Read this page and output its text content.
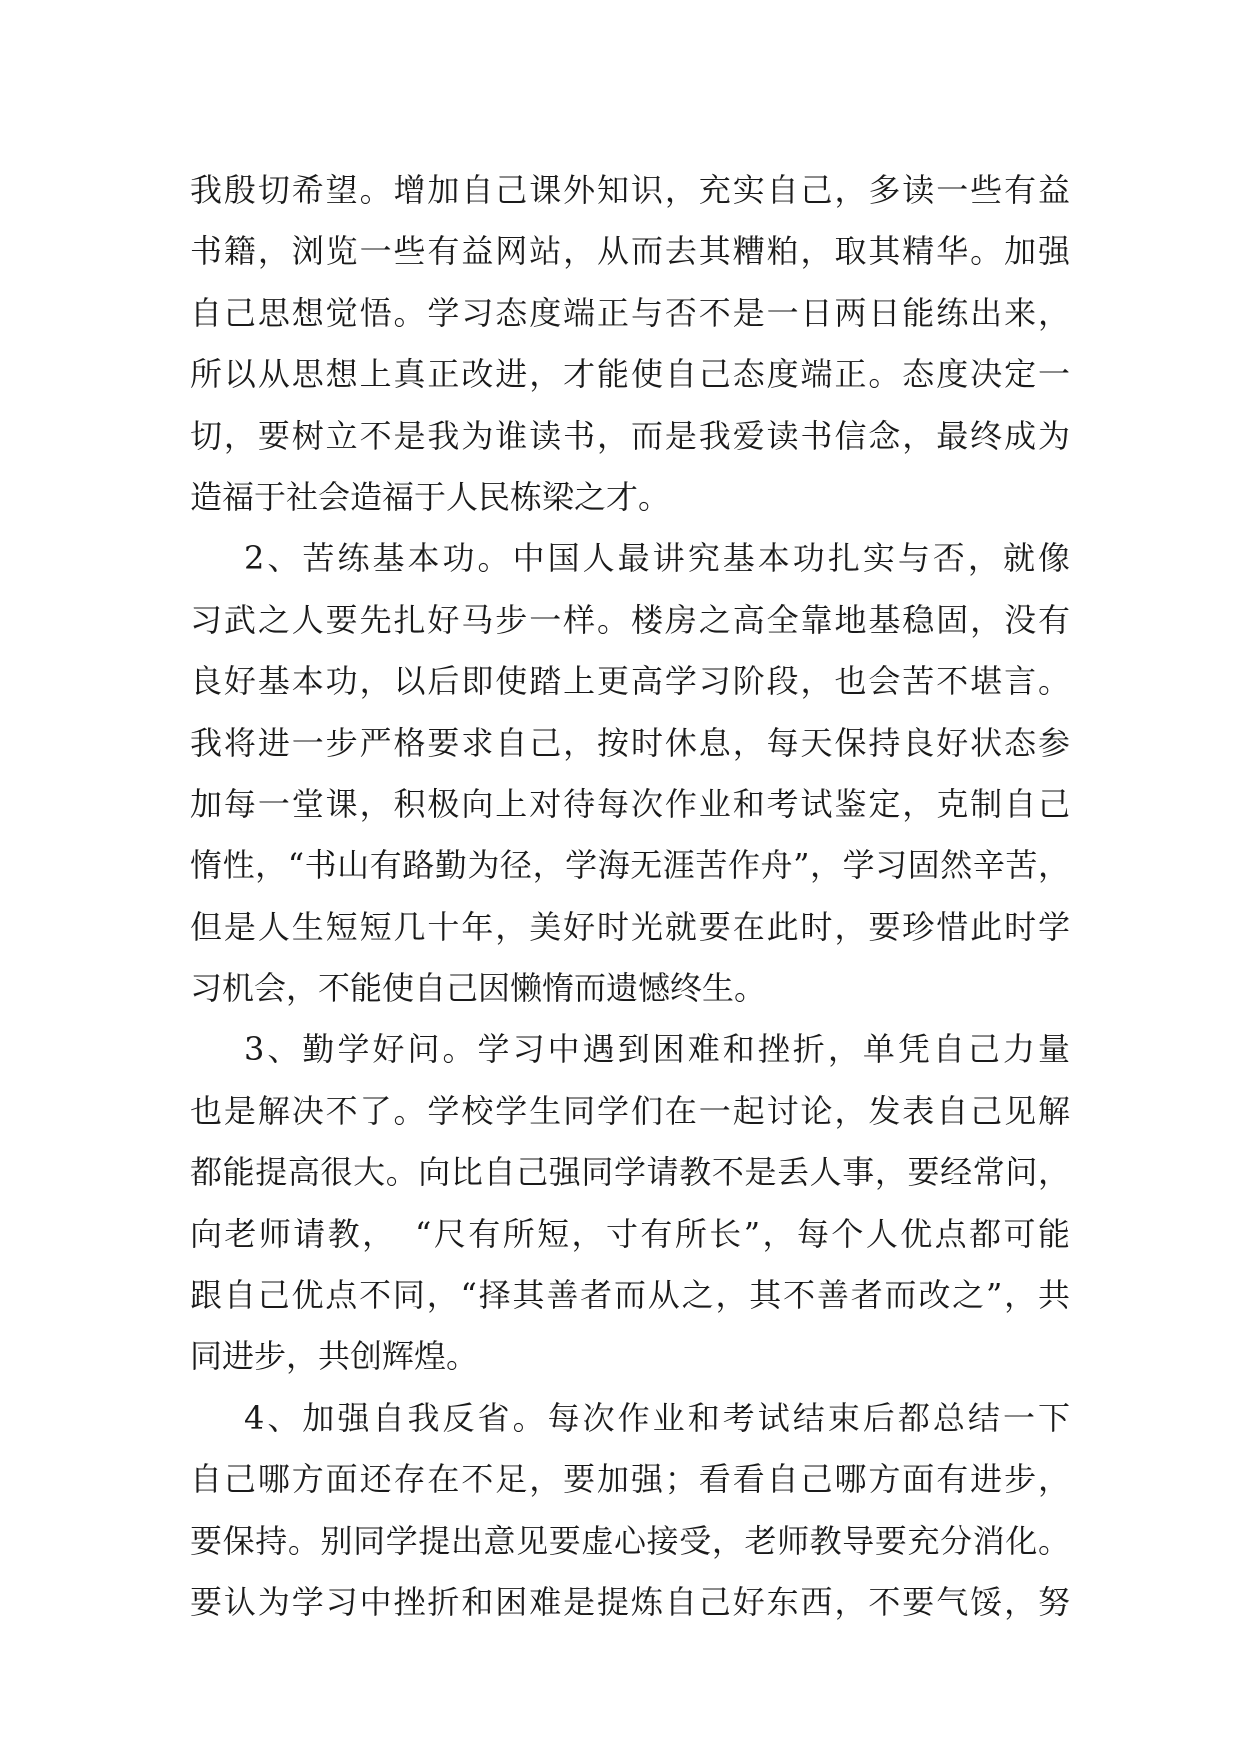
我殷切希望。增加自己课外知识，充实自己，多读一些有益
书籍，浏览一些有益网站，从而去其糟粕，取其精华。加强
自己思想觉悟。学习态度端正与否不是一日两日能练出来，
所以从思想上真正改进，才能使自己态度端正。态度决定一
切，要树立不是我为谁读书，而是我爱读书信念，最终成为
造福于社会造福于人民栋梁之才。
2、苦练基本功。中国人最讲究基本功扎实与否，就像
习武之人要先扎好马步一样。楼房之高全靠地基稳固，没有
良好基本功，以后即使踏上更高学习阶段，也会苦不堪言。
我将进一步严格要求自己，按时休息，每天保持良好状态参
加每一堂课，积极向上对待每次作业和考试鉴定，克制自己
惰性，“书山有路勤为径，学海无涯苦作舟”，学习固然辛苦，
但是人生短短几十年，美好时光就要在此时，要珍惜此时学
习机会，不能使自己因懒惰而遗憾终生。
3、勤学好问。学习中遇到困难和挫折，单凭自己力量
也是解决不了。学校学生同学们在一起讨论，发表自己见解
都能提高很大。向比自己强同学请教不是丢人事，要经常问，
向老师请教，　“尺有所短，寸有所长”，每个人优点都可能
跟自己优点不同，“择其善者而从之，其不善者而改之”，共
同进步，共创辉煌。
4、加强自我反省。每次作业和考试结束后都总结一下
自己哪方面还存在不足，要加强；看看自己哪方面有进步，
要保持。别同学提出意见要虚心接受，老师教导要充分消化。
要认为学习中挫折和困难是提炼自己好东西，不要气馁，努
